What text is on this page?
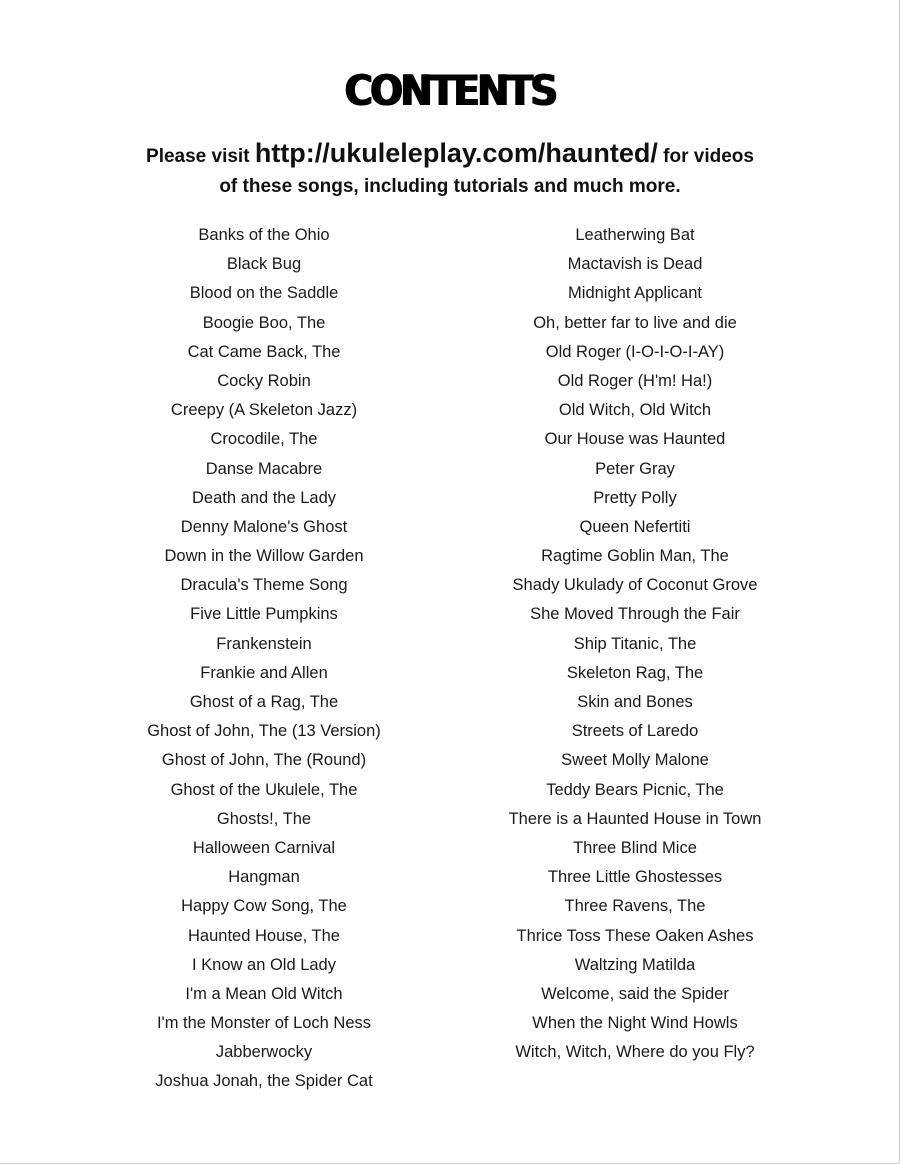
CONTENTS
Please visit http://ukuleleplay.com/haunted/ for videos
of these songs, including tutorials and much more.
Banks of the Ohio
Black Bug
Blood on the Saddle
Boogie Boo, The
Cat Came Back, The
Cocky Robin
Creepy (A Skeleton Jazz)
Crocodile, The
Danse Macabre
Death and the Lady
Denny Malone's Ghost
Down in the Willow Garden
Dracula's Theme Song
Five Little Pumpkins
Frankenstein
Frankie and Allen
Ghost of a Rag, The
Ghost of John, The (13 Version)
Ghost of John, The (Round)
Ghost of the Ukulele, The
Ghosts!, The
Halloween Carnival
Hangman
Happy Cow Song, The
Haunted House, The
I Know an Old Lady
I'm a Mean Old Witch
I'm the Monster of Loch Ness
Jabberwocky
Joshua Jonah, the Spider Cat
Leatherwing Bat
Mactavish is Dead
Midnight Applicant
Oh, better far to live and die
Old Roger (I-O-I-O-I-AY)
Old Roger (H'm! Ha!)
Old Witch, Old Witch
Our House was Haunted
Peter Gray
Pretty Polly
Queen Nefertiti
Ragtime Goblin Man, The
Shady Ukulady of Coconut Grove
She Moved Through the Fair
Ship Titanic, The
Skeleton Rag, The
Skin and Bones
Streets of Laredo
Sweet Molly Malone
Teddy Bears Picnic, The
There is a Haunted House in Town
Three Blind Mice
Three Little Ghostesses
Three Ravens, The
Thrice Toss These Oaken Ashes
Waltzing Matilda
Welcome, said the Spider
When the Night Wind Howls
Witch, Witch, Where do you Fly?
